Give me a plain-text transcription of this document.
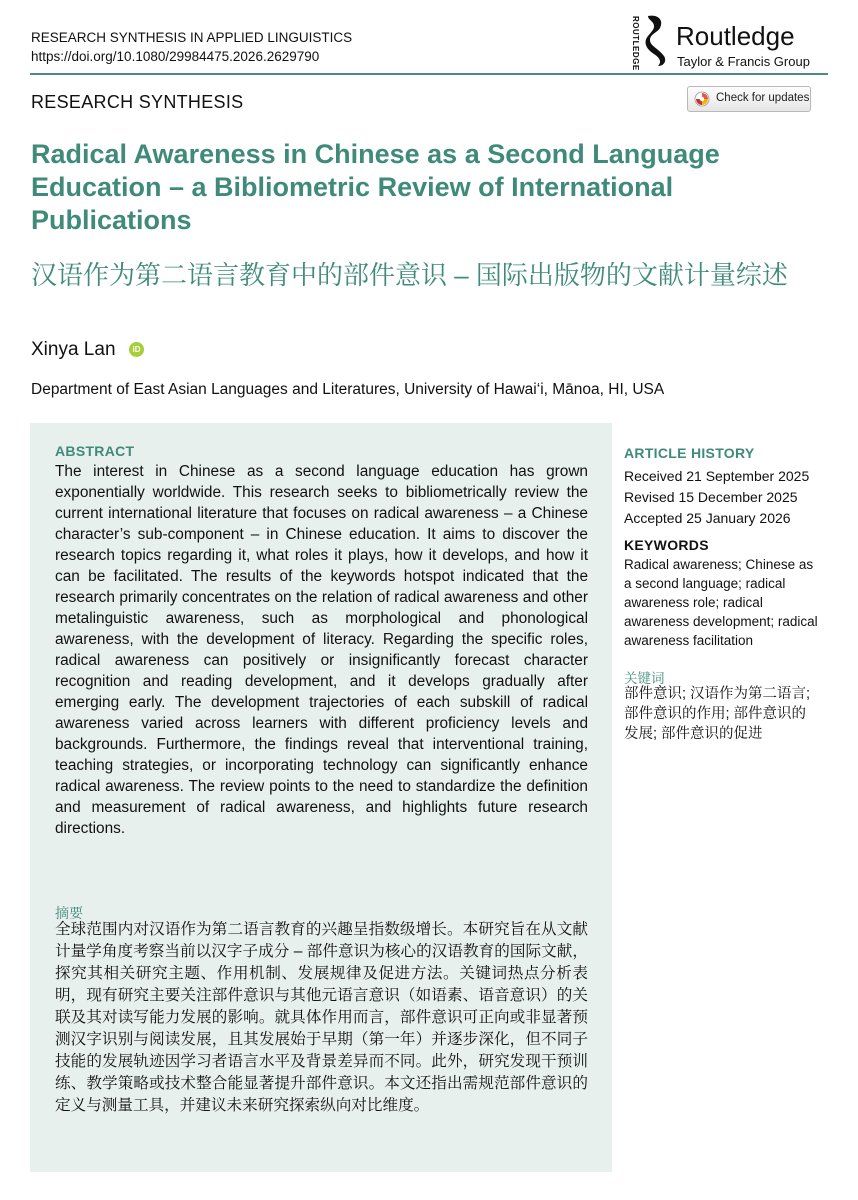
RESEARCH SYNTHESIS IN APPLIED LINGUISTICS
https://doi.org/10.1080/29984475.2026.2629790	ROUTLEDGE Routledge
Taylor & Francis Group
RESEARCH SYNTHESIS	Check for updates
Radical Awareness in Chinese as a Second Language Education – a Bibliometric Review of International Publications
汉语作为第二语言教育中的部件意识 – 国际出版物的文献计量综述
Xinya Lan	iD
Department of East Asian Languages and Literatures, University of Hawai‘i, Mānoa, HI, USA
ABSTRACT

The interest in Chinese as a second language education has grown exponentially worldwide. This research seeks to bibliometrically review the current international literature that focuses on radical awareness – a Chinese character’s sub-component – in Chinese education. It aims to discover the research topics regarding it, what roles it plays, how it develops, and how it can be facilitated. The results of the keywords hotspot indicated that the research primarily concentrates on the relation of radical awareness and other metalinguistic awareness, such as morphological and phonological awareness, with the development of literacy. Regarding the specific roles, radical awareness can positively or insignificantly forecast character recognition and reading development, and it develops gradually after emerging early. The development trajectories of each subskill of radical awareness varied across learners with different proficiency levels and backgrounds. Furthermore, the findings reveal that interventional training, teaching strategies, or incorporating technology can significantly enhance radical awareness. The review points to the need to standardize the definition and measurement of radical awareness, and highlights future research directions.

摘要

全球范围内对汉语作为第二语言教育的兴趣呈指数级增长。本研究旨在从文献计量学角度考察当前以汉字子成分 – 部件意识为核心的汉语教育的国际文献，探究其相关研究主题、作用机制、发展规律及促进方法。关键词热点分析表明，现有研究主要关注部件意识与其他元语言意识（如语素、语音意识）的关联及其对读写能力发展的影响。就具体作用而言，部件意识可正向或非显著预测汉字识别与阅读发展，且其发展始于早期（第一年）并逐步深化，但不同子技能的发展轨迹因学习者语言水平及背景差异而不同。此外，研究发现干预训练、教学策略或技术整合能显著提升部件意识。本文还指出需规范部件意识的定义与测量工具，并建议未来研究探索纵向对比维度。

ARTICLE HISTORY
Received 21 September 2025
Revised 15 December 2025
Accepted 25 January 2026
KEYWORDS
Radical awareness; Chinese as a second language; radical awareness role; radical awareness development; radical awareness facilitation
关键词
部件意识; 汉语作为第二语言; 部件意识的作用; 部件意识的发展; 部件意识的促进
